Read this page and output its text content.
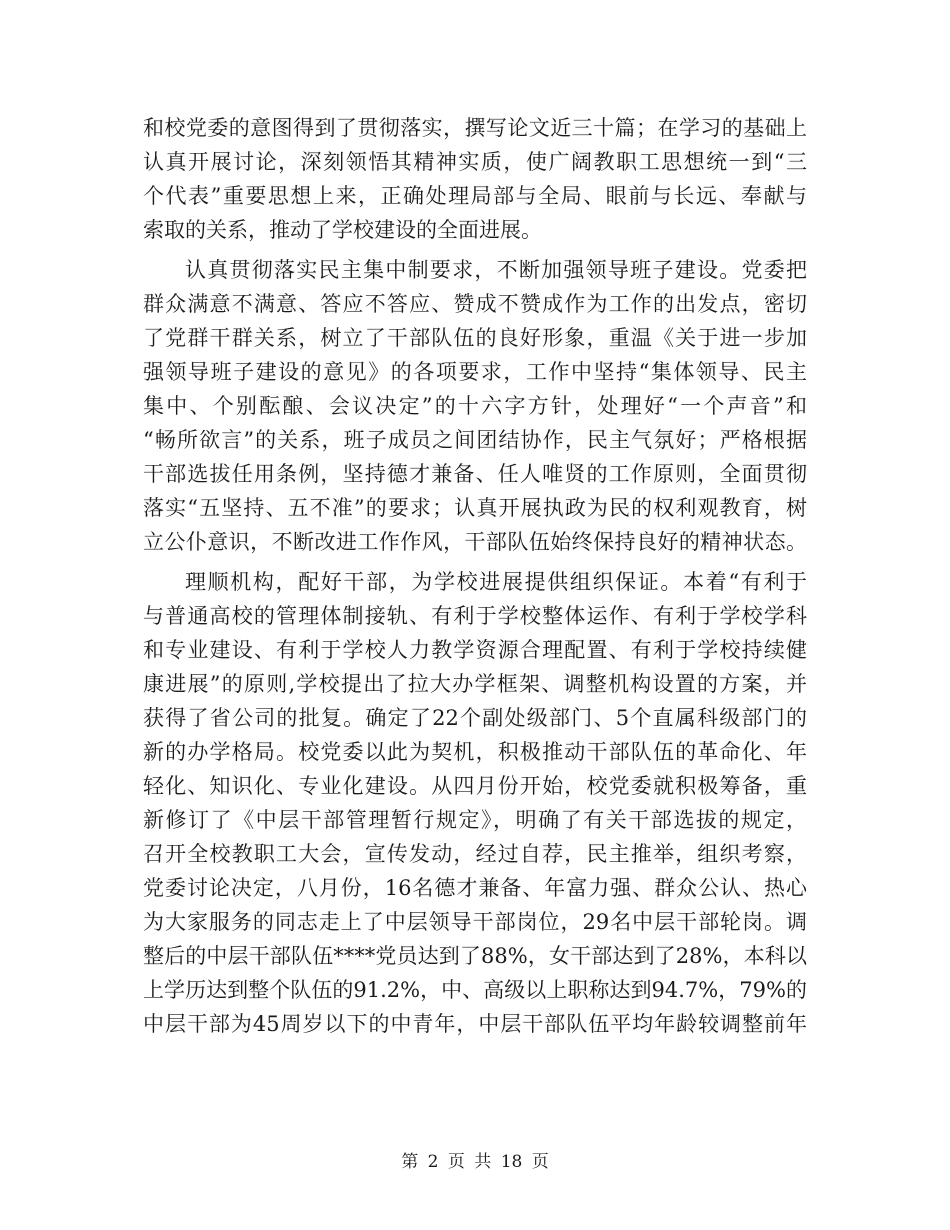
和校党委的意图得到了贯彻落实，撰写论文近三十篇；在学习的基础上
认真开展讨论，深刻领悟其精神实质，使广阔教职工思想统一到“三
个代表”重要思想上来，正确处理局部与全局、眼前与长远、奉献与
索取的关系，推动了学校建设的全面进展。
认真贯彻落实民主集中制要求，不断加强领导班子建设。党委把
群众满意不满意、答应不答应、赞成不赞成作为工作的出发点，密切
了党群干群关系，树立了干部队伍的良好形象，重温《关于进一步加
强领导班子建设的意见》的各项要求，工作中坚持“集体领导、民主
集中、个别酝酿、会议决定”的十六字方针，处理好“一个声音”和
“畅所欲言”的关系，班子成员之间团结协作，民主气氛好；严格根据
干部选拔任用条例，坚持德才兼备、任人唯贤的工作原则，全面贯彻
落实“五坚持、五不准”的要求；认真开展执政为民的权利观教育，树
立公仆意识，不断改进工作作风，干部队伍始终保持良好的精神状态。
理顺机构，配好干部，为学校进展提供组织保证。本着“有利于
与普通高校的管理体制接轨、有利于学校整体运作、有利于学校学科
和专业建设、有利于学校人力教学资源合理配置、有利于学校持续健
康进展”的原则,学校提出了拉大办学框架、调整机构设置的方案，并
获得了省公司的批复。确定了22个副处级部门、5个直属科级部门的
新的办学格局。校党委以此为契机，积极推动干部队伍的革命化、年
轻化、知识化、专业化建设。从四月份开始，校党委就积极筹备，重
新修订了《中层干部管理暂行规定》，明确了有关干部选拔的规定，
召开全校教职工大会，宣传发动，经过自荐，民主推举，组织考察，
党委讨论决定，八月份，16名德才兼备、年富力强、群众公认、热心
为大家服务的同志走上了中层领导干部岗位，29名中层干部轮岗。调
整后的中层干部队伍****党员达到了88%，女干部达到了28%，本科以
上学历达到整个队伍的91.2%，中、高级以上职称达到94.7%，79%的
中层干部为45周岁以下的中青年，中层干部队伍平均年龄较调整前年
第 2 页 共 18 页
